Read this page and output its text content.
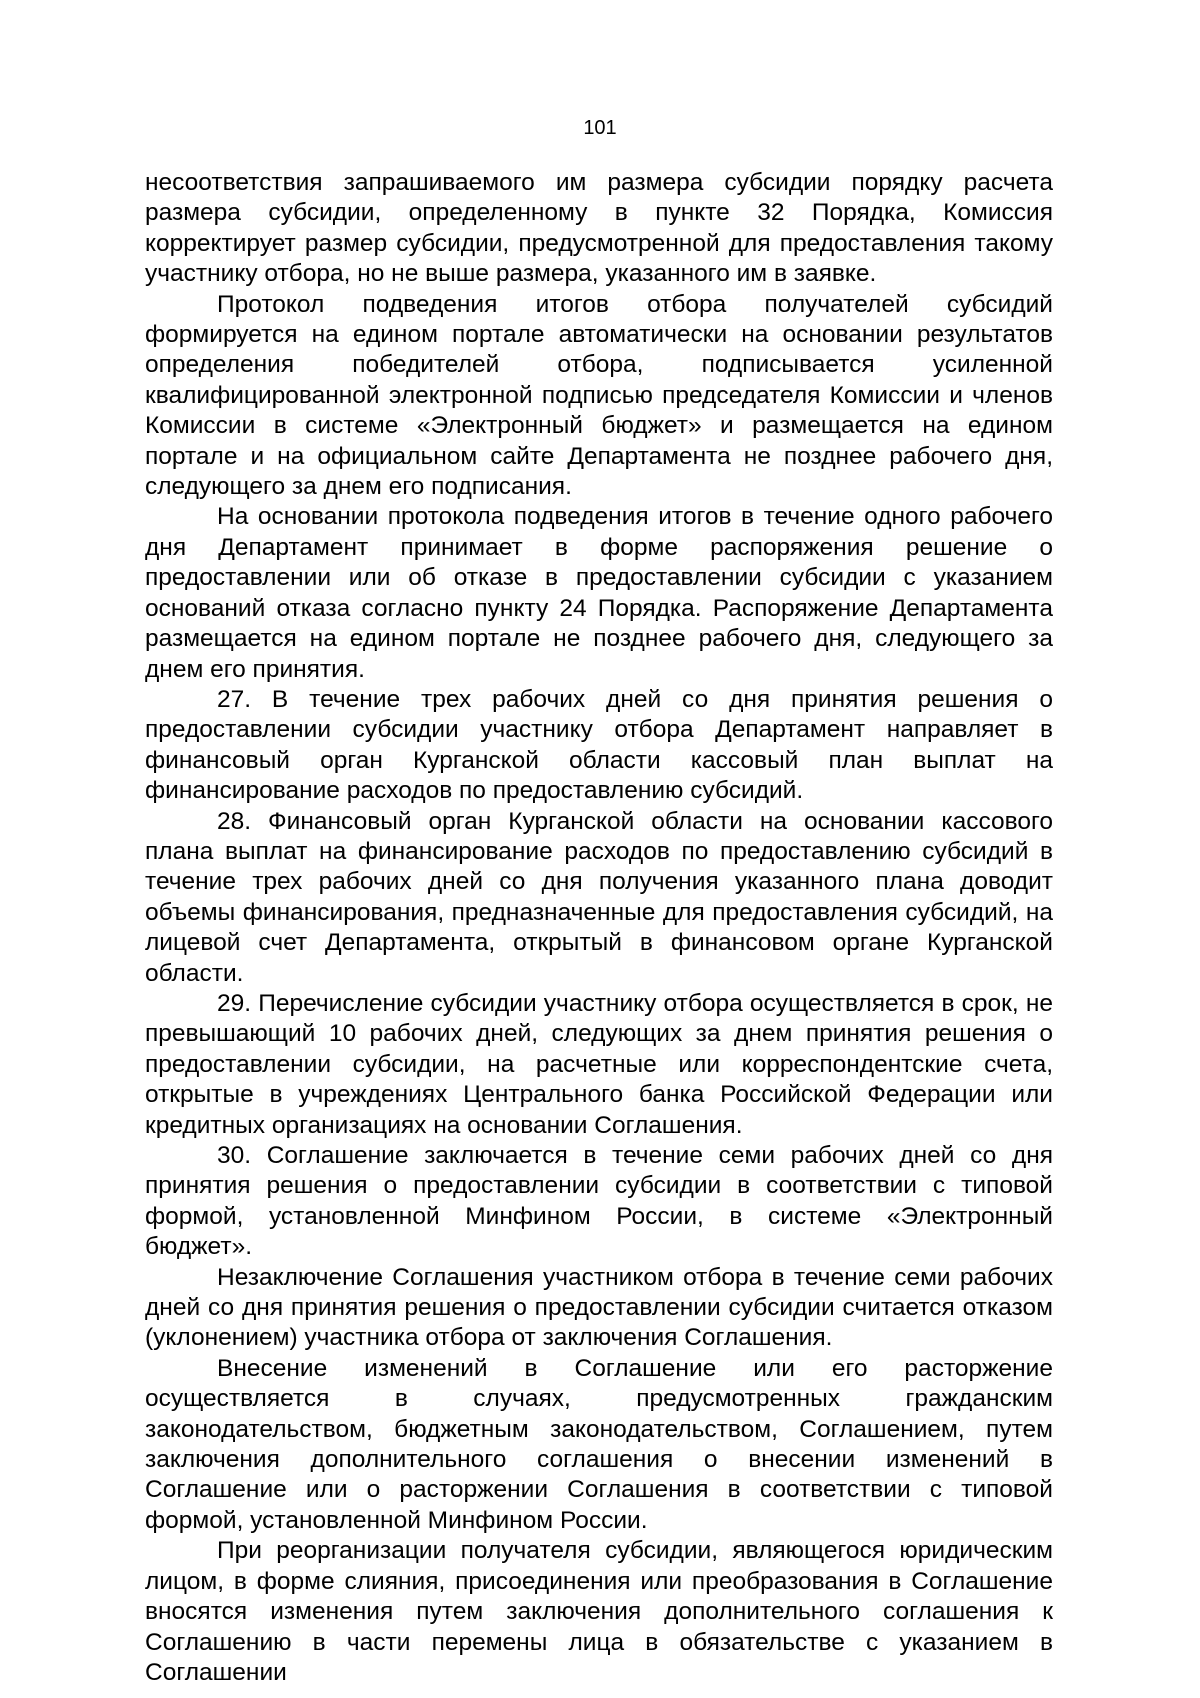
101

несоответствия запрашиваемого им размера субсидии порядку расчета размера субсидии, определенному в пункте 32 Порядка, Комиссия корректирует размер субсидии, предусмотренной для предоставления такому участнику отбора, но не выше размера, указанного им в заявке.

Протокол подведения итогов отбора получателей субсидий формируется на едином портале автоматически на основании результатов определения победителей отбора, подписывается усиленной квалифицированной электронной подписью председателя Комиссии и членов Комиссии в системе «Электронный бюджет» и размещается на едином портале и на официальном сайте Департамента не позднее рабочего дня, следующего за днем его подписания.

На основании протокола подведения итогов в течение одного рабочего дня Департамент принимает в форме распоряжения решение о предоставлении или об отказе в предоставлении субсидии с указанием оснований отказа согласно пункту 24 Порядка. Распоряжение Департамента размещается на едином портале не позднее рабочего дня, следующего за днем его принятия.

27. В течение трех рабочих дней со дня принятия решения о предоставлении субсидии участнику отбора Департамент направляет в финансовый орган Курганской области кассовый план выплат на финансирование расходов по предоставлению субсидий.

28. Финансовый орган Курганской области на основании кассового плана выплат на финансирование расходов по предоставлению субсидий в течение трех рабочих дней со дня получения указанного плана доводит объемы финансирования, предназначенные для предоставления субсидий, на лицевой счет Департамента, открытый в финансовом органе Курганской области.

29. Перечисление субсидии участнику отбора осуществляется в срок, не превышающий 10 рабочих дней, следующих за днем принятия решения о предоставлении субсидии, на расчетные или корреспондентские счета, открытые в учреждениях Центрального банка Российской Федерации или кредитных организациях на основании Соглашения.

30. Соглашение заключается в течение семи рабочих дней со дня принятия решения о предоставлении субсидии в соответствии с типовой формой, установленной Минфином России, в системе «Электронный бюджет».

Незаключение Соглашения участником отбора в течение семи рабочих дней со дня принятия решения о предоставлении субсидии считается отказом (уклонением) участника отбора от заключения Соглашения.

Внесение изменений в Соглашение или его расторжение осуществляется в случаях, предусмотренных гражданским законодательством, бюджетным законодательством, Соглашением, путем заключения дополнительного соглашения о внесении изменений в Соглашение или о расторжении Соглашения в соответствии с типовой формой, установленной Минфином России.

При реорганизации получателя субсидии, являющегося юридическим лицом, в форме слияния, присоединения или преобразования в Соглашение вносятся изменения путем заключения дополнительного соглашения к Соглашению в части перемены лица в обязательстве с указанием в Соглашении
